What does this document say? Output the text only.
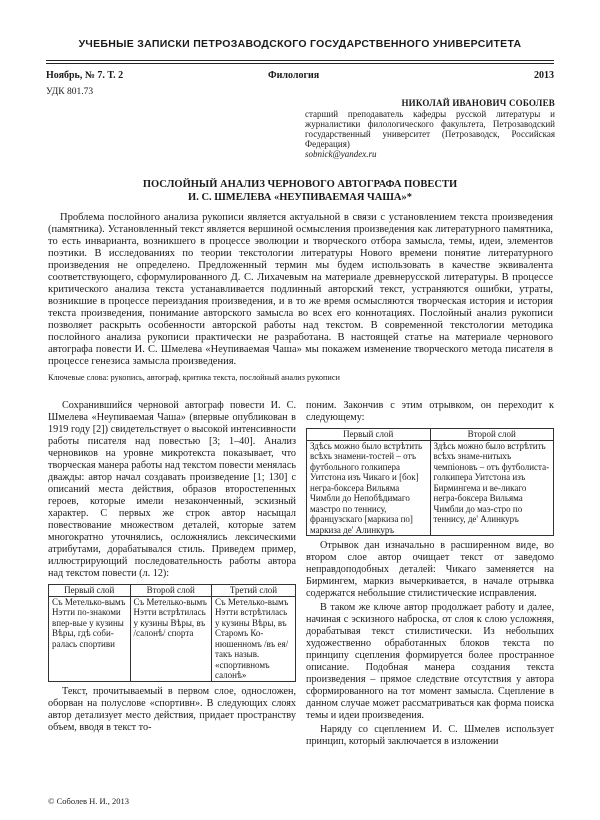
УЧЕБНЫЕ ЗАПИСКИ ПЕТРОЗАВОДСКОГО ГОСУДАРСТВЕННОГО УНИВЕРСИТЕТА
Ноябрь, № 7. Т. 2	Филология	2013
УДК 801.73
НИКОЛАЙ ИВАНОВИЧ СОБОЛЕВ
старший преподаватель кафедры русской литературы и журналистики филологического факультета, Петрозаводский государственный университет (Петрозаводск, Российская Федерация)
sobnick@yandex.ru
ПОСЛОЙНЫЙ АНАЛИЗ ЧЕРНОВОГО АВТОГРАФА ПОВЕСТИ
И. С. ШМЕЛЕВА «НЕУПИВАЕМАЯ ЧАША»*
Проблема послойного анализа рукописи является актуальной в связи с установлением текста произведения (памятника). Установленный текст является вершиной осмысления произведения как литературного памятника, то есть инварианта, возникшего в процессе эволюции и творческого отбора замысла, темы, идеи, элементов поэтики. В исследованиях по теории текстологии литературы Нового времени понятие литературного произведения не определено. Предложенный термин мы будем использовать в качестве эквивалента соответствующего, сформулированного Д. С. Лихачевым на материале древнерусской литературы. В процессе критического анализа текста устанавливается подлинный авторский текст, устраняются ошибки, утраты, возникшие в процессе переиздания произведения, и в то же время осмысляются творческая история и история текста произведения, понимание авторского замысла во всех его коннотациях. Послойный анализ рукописи позволяет раскрыть особенности авторской работы над текстом. В современной текстологии методика послойного анализа рукописи практически не разработана. В настоящей статье на материале чернового автографа повести И. С. Шмелева «Неупиваемая Чаша» мы покажем изменение творческого метода писателя в процессе генезиса замысла произведения.
Ключевые слова: рукопись, автограф, критика текста, послойный анализ рукописи

Сохранившийся черновой автограф повести И. С. Шмелева «Неупиваемая Чаша» (впервые опубликован в 1919 году [2]) свидетельствует о высокой интенсивности работы писателя над повестью [3; 1–40]. Анализ черновиков на уровне микротекста показывает, что творческая манера работы над текстом повести менялась дважды: автор начал создавать произведение [1; 130] с описаний места действия, образов второстепенных героев, которые имели незаконченный, эскизный характер. С первых же строк автор насыщал повествование множеством деталей, которые затем многократно уточнялись, осложнялись лексическими атрибутами, дорабатывался стиль. Приведем пример, иллюстрирующий последовательность работы автора над текстом повести (л. 12):

Первый слой	Второй слой	Третий слой
Съ Метелько-вымъ Нэтти по-знакоми впер-вые у кузины Вѣры, гдѣ соби-ралась спортиви	Съ Метелько-вымъ Нэтти встрѣтилась у кузины Вѣры, въ /салонѣ/ спорта	Съ Метелько-вымъ Нэтти встрѣтилась у кузины Вѣры, въ Старомъ Ко-нюшенномъ /въ ея/ такъ назыв. «спортивномъ салонѣ»

Текст, прочитываемый в первом слое, односложен, оборван на полуслове «спортивн». В следующих слоях автор детализует место действия, придает пространству объем, вводя в текст то-

поним. Закончив с этим отрывком, он переходит к следующему:

Первый слой	Второй слой
Здѣсь можно было встрѣтить всѣхъ знамени-тостей – отъ футбольного голкипера Уитстона изъ Чикаго и [бок] негра-боксера Вильяма Чимбли до Непобѣдимаго маэстро по теннису, французскаго [маркиза по] маркиза де' Алинкуръ	Здѣсь можно было встрѣтить всѣхъ знаме-нитыхъ чемпіоновъ – отъ футболиста-голкипера Уитстона изъ Бирмингема и ве-ликаго негра-боксера Вильяма Чимбли до маэ-стро по теннису, де' Алинкуръ

Отрывок дан изначально в расширенном виде, во втором слое автор очищает текст от заведомо неправдоподобных деталей: Чикаго заменяется на Бирмингем, маркиз вычеркивается, в начале отрывка содержатся небольшие стилистические исправления.

В таком же ключе автор продолжает работу и далее, начиная с эскизного наброска, от слоя к слою усложняя, дорабатывая текст стилистически. Из небольших художественно обработанных блоков текста по принципу сцепления формируется более пространное описание. Подобная манера создания текста произведения – прямое следствие отсутствия у автора сформированного на тот момент замысла. Сцепление в данном случае может рассматриваться как форма поиска темы и идеи произведения.

Наряду со сцеплением И. С. Шмелев использует принцип, который заключается в изложении

© Соболев Н. И., 2013
